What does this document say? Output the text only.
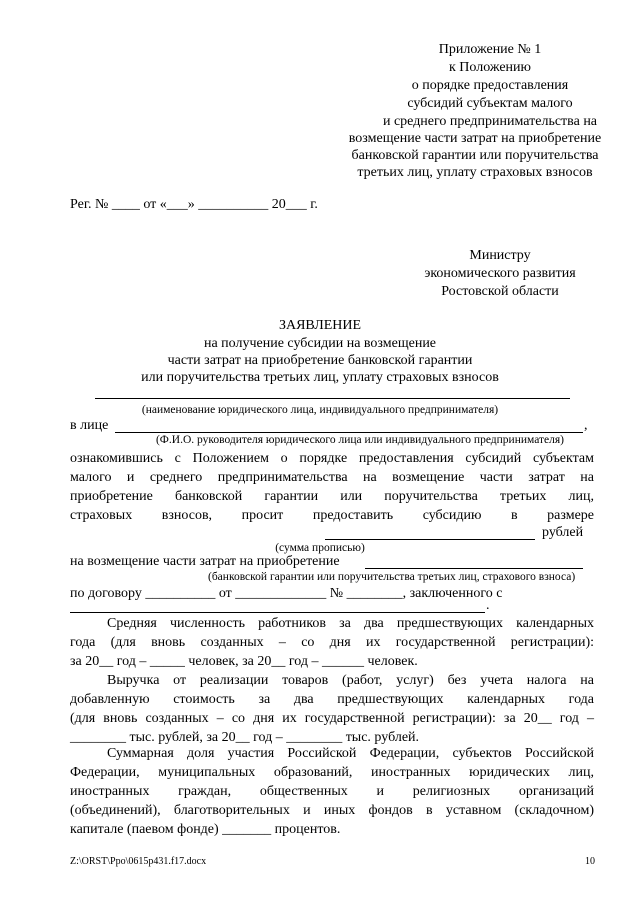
Приложение № 1
к Положению
о порядке предоставления
субсидий субъектам малого
и среднего предпринимательства на
возмещение части затрат на приобретение
банковской гарантии или поручительства
третьих лиц, уплату страховых взносов
Рег. № ____ от «___» __________ 20___ г.
Министру
экономического развития
Ростовской области
ЗАЯВЛЕНИЕ
на получение субсидии на возмещение
части затрат на приобретение банковской гарантии
или поручительства третьих лиц, уплату страховых взносов
(наименование юридического лица, индивидуального предпринимателя)
в лице	,
(Ф.И.О. руководителя юридического лица или индивидуального предпринимателя)
ознакомившись с Положением о порядке предоставления субсидий субъектам
малого и среднего предпринимательства на возмещение части затрат на
приобретение банковской гарантии или поручительства третьих лиц,
страховых взносов, просит предоставить субсидию в размере
рублей
(сумма прописью)
на возмещение части затрат на приобретение
(банковской гарантии или поручительства третьих лиц, страхового взноса)
по договору __________ от _____________ № ________, заключенного с
.
Средняя численность работников за два предшествующих календарных
года (для вновь созданных – со дня их государственной регистрации):
за 20__ год – _____ человек, за 20__ год – ______ человек.
Выручка от реализации товаров (работ, услуг) без учета налога на
добавленную стоимость за два предшествующих календарных года
(для вновь созданных – со дня их государственной регистрации): за 20__ год –
________ тыс. рублей, за 20__ год – ________ тыс. рублей.
Суммарная доля участия Российской Федерации, субъектов Российской
Федерации, муниципальных образований, иностранных юридических лиц,
иностранных граждан, общественных и религиозных организаций
(объединений), благотворительных и иных фондов в уставном (складочном)
капитале (паевом фонде) _______ процентов.
Z:\ORST\Ppo\0615p431.f17.docx	10
